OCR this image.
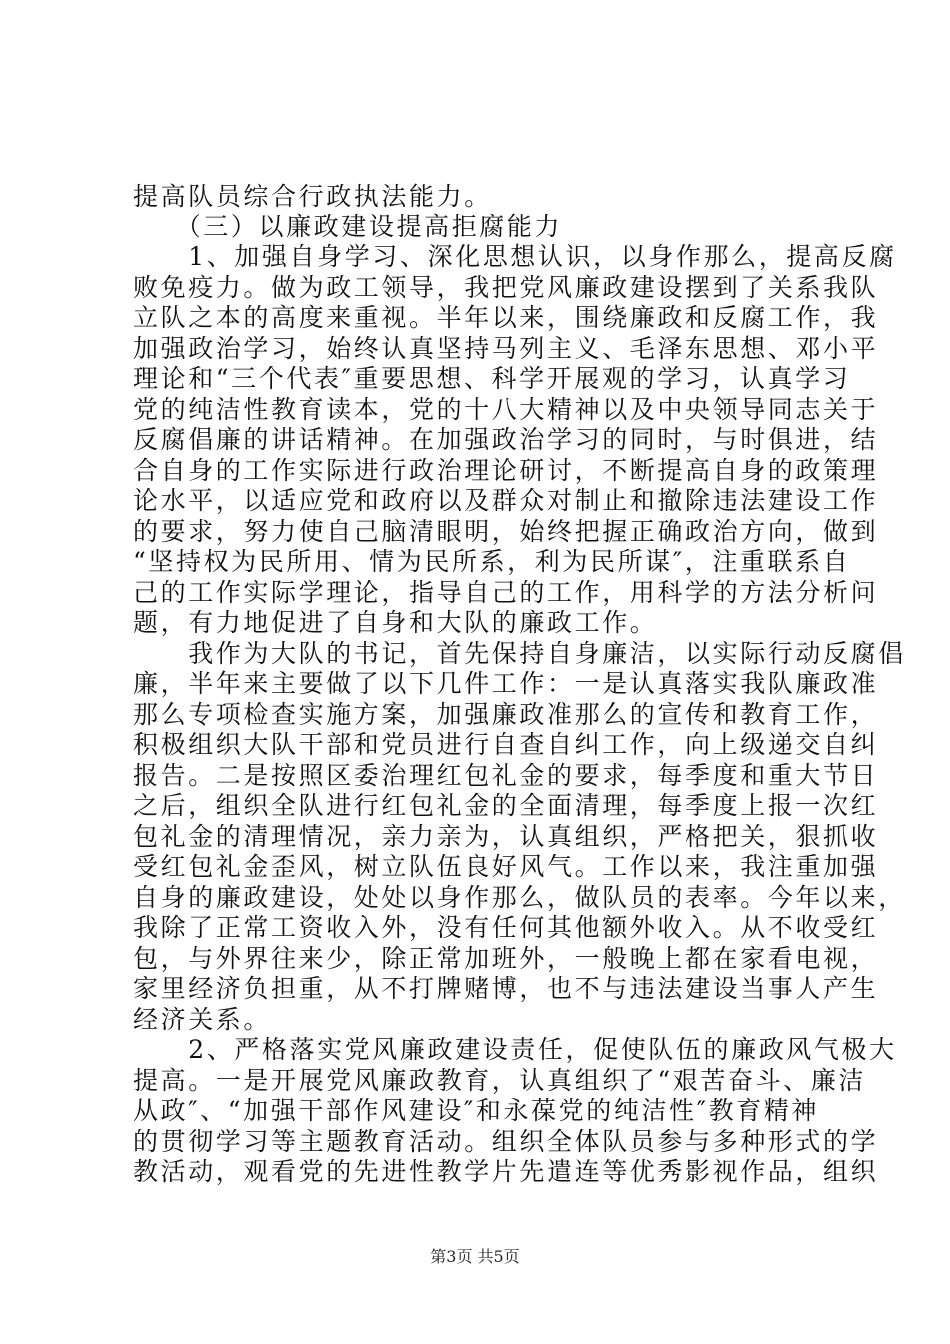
提高队员综合行政执法能力。
　　（三）以廉政建设提高拒腐能力
　　1、加强自身学习、深化思想认识，以身作那么，提高反腐
败免疫力。做为政工领导，我把党风廉政建设摆到了关系我队
立队之本的高度来重视。半年以来，围绕廉政和反腐工作，我
加强政治学习，始终认真坚持马列主义、毛泽东思想、邓小平
理论和“三个代表″重要思想、科学开展观的学习，认真学习
党的纯洁性教育读本，党的十八大精神以及中央领导同志关于
反腐倡廉的讲话精神。在加强政治学习的同时，与时俱进，结
合自身的工作实际进行政治理论研讨，不断提高自身的政策理
论水平，以适应党和政府以及群众对制止和撤除违法建设工作
的要求，努力使自己脑清眼明，始终把握正确政治方向，做到
“坚持权为民所用、情为民所系，利为民所谋″，注重联系自
己的工作实际学理论，指导自己的工作，用科学的方法分析问
题，有力地促进了自身和大队的廉政工作。
　　我作为大队的书记，首先保持自身廉洁，以实际行动反腐倡
廉，半年来主要做了以下几件工作：一是认真落实我队廉政准
那么专项检查实施方案，加强廉政准那么的宣传和教育工作，
积极组织大队干部和党员进行自查自纠工作，向上级递交自纠
报告。二是按照区委治理红包礼金的要求，每季度和重大节日
之后，组织全队进行红包礼金的全面清理，每季度上报一次红
包礼金的清理情况，亲力亲为，认真组织，严格把关，狠抓收
受红包礼金歪风，树立队伍良好风气。工作以来，我注重加强
自身的廉政建设，处处以身作那么，做队员的表率。今年以来，
我除了正常工资收入外，没有任何其他额外收入。从不收受红
包，与外界往来少，除正常加班外，一般晚上都在家看电视，
家里经济负担重，从不打牌赌博，也不与违法建设当事人产生
经济关系。
　　2、严格落实党风廉政建设责任，促使队伍的廉政风气极大
提高。一是开展党风廉政教育，认真组织了“艰苦奋斗、廉洁
从政″、“加强干部作风建设″和永葆党的纯洁性″教育精神
的贯彻学习等主题教育活动。组织全体队员参与多种形式的学
教活动，观看党的先进性教学片先遣连等优秀影视作品，组织
第3页 共5页
